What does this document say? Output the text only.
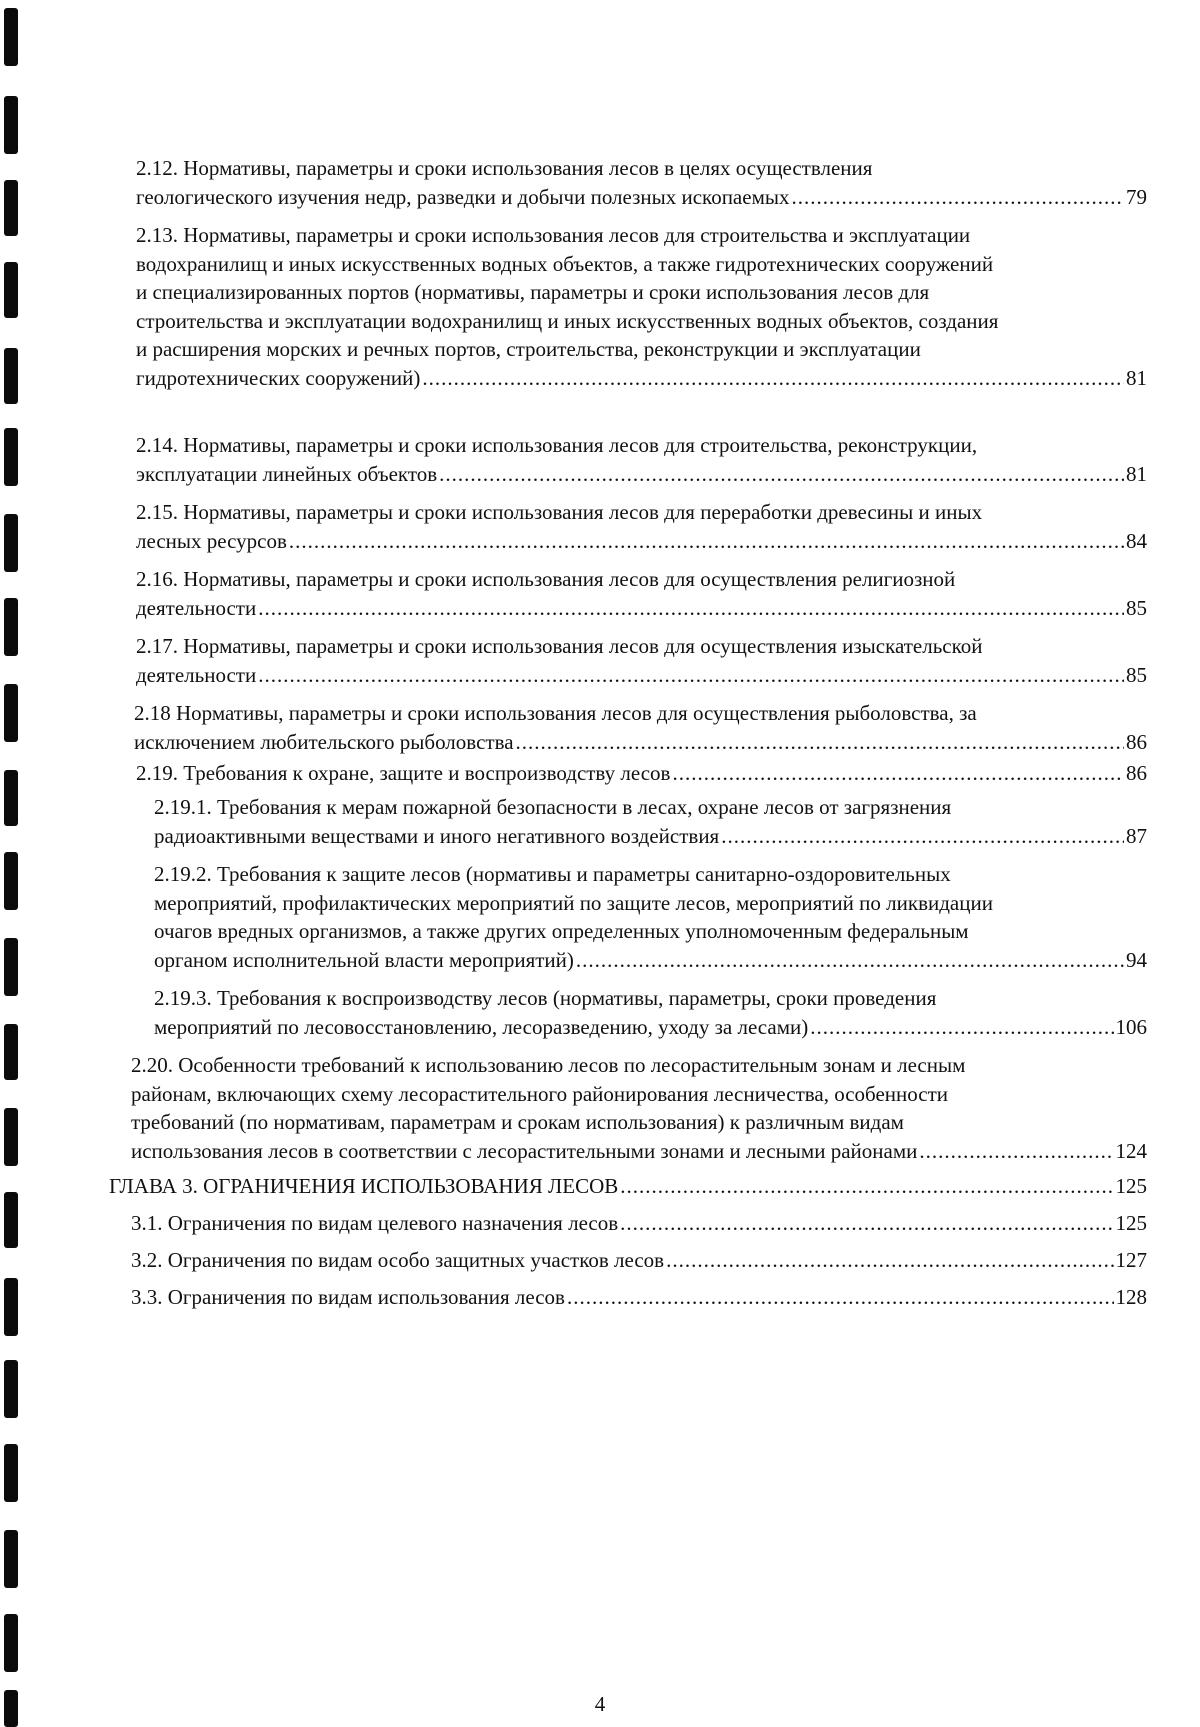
2.12. Нормативы, параметры и сроки использования лесов в целях осуществления
геологического изучения недр, разведки и добычи полезных ископаемых .....	79
2.13. Нормативы, параметры и сроки использования лесов для строительства и эксплуатации
водохранилищ и иных искусственных водных объектов, а также гидротехнических сооружений
и специализированных портов (нормативы, параметры и сроки использования лесов для
строительства и эксплуатации водохранилищ и иных искусственных водных объектов, создания
и расширения морских и речных портов, строительства, реконструкции и эксплуатации
гидротехнических сооружений) .....	81
2.14. Нормативы, параметры и сроки использования лесов для строительства, реконструкции,
эксплуатации линейных объектов .....	81
2.15. Нормативы, параметры и сроки использования лесов для переработки древесины и иных
лесных ресурсов .....	84
2.16. Нормативы, параметры и сроки использования лесов для осуществления религиозной
деятельности .....	85
2.17. Нормативы, параметры и сроки использования лесов для осуществления изыскательской
деятельности .....	85
2.18 Нормативы, параметры и сроки использования лесов для осуществления рыболовства, за
исключением любительского рыболовства .....	86
2.19. Требования к охране, защите и воспроизводству лесов .....	86
2.19.1. Требования к мерам пожарной безопасности в лесах, охране лесов от загрязнения
радиоактивными веществами и иного негативного воздействия .....	87
2.19.2. Требования к защите лесов (нормативы и параметры санитарно-оздоровительных
мероприятий, профилактических мероприятий по защите лесов, мероприятий по ликвидации
очагов вредных организмов, а также других определенных уполномоченным федеральным
органом исполнительной власти мероприятий) .....	94
2.19.3. Требования к воспроизводству лесов (нормативы, параметры, сроки проведения
мероприятий по лесовосстановлению, лесоразведению, уходу за лесами) .....	106
2.20. Особенности требований к использованию лесов по лесорастительным зонам и лесным
районам, включающих схему лесорастительного районирования лесничества, особенности
требований (по нормативам, параметрам и срокам использования) к различным видам
использования лесов в соответствии с лесорастительными зонами и лесными районами .....	124
ГЛАВА 3. ОГРАНИЧЕНИЯ ИСПОЛЬЗОВАНИЯ ЛЕСОВ .....	125
3.1. Ограничения по видам целевого назначения лесов .....	125
3.2. Ограничения по видам особо защитных участков лесов .....	127
3.3. Ограничения по видам использования лесов .....	128
4
